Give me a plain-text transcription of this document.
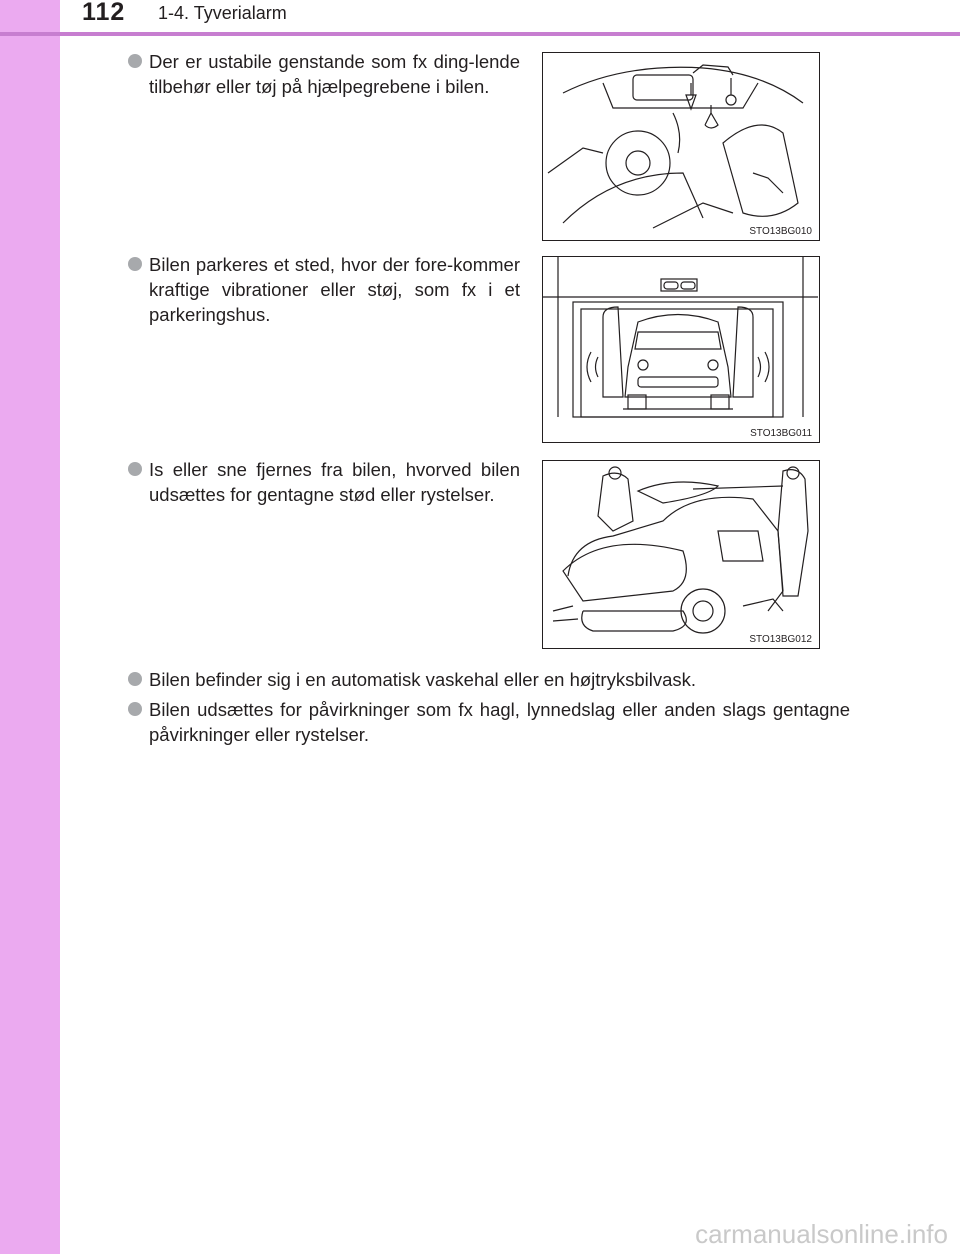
112 1-4. Tyverialarm
Der er ustabile genstande som fx ding-lende tilbehør eller tøj på hjælpegrebene i bilen.
STO13BG010
Bilen parkeres et sted, hvor der fore-kommer kraftige vibrationer eller støj, som fx i et parkeringshus.
STO13BG011
Is eller sne fjernes fra bilen, hvorved bilen udsættes for gentagne stød eller rystelser.
STO13BG012
Bilen befinder sig i en automatisk vaskehal eller en højtryksbilvask.
Bilen udsættes for påvirkninger som fx hagl, lynnedslag eller anden slags gentagne påvirkninger eller rystelser.
carmanualsonline.info
